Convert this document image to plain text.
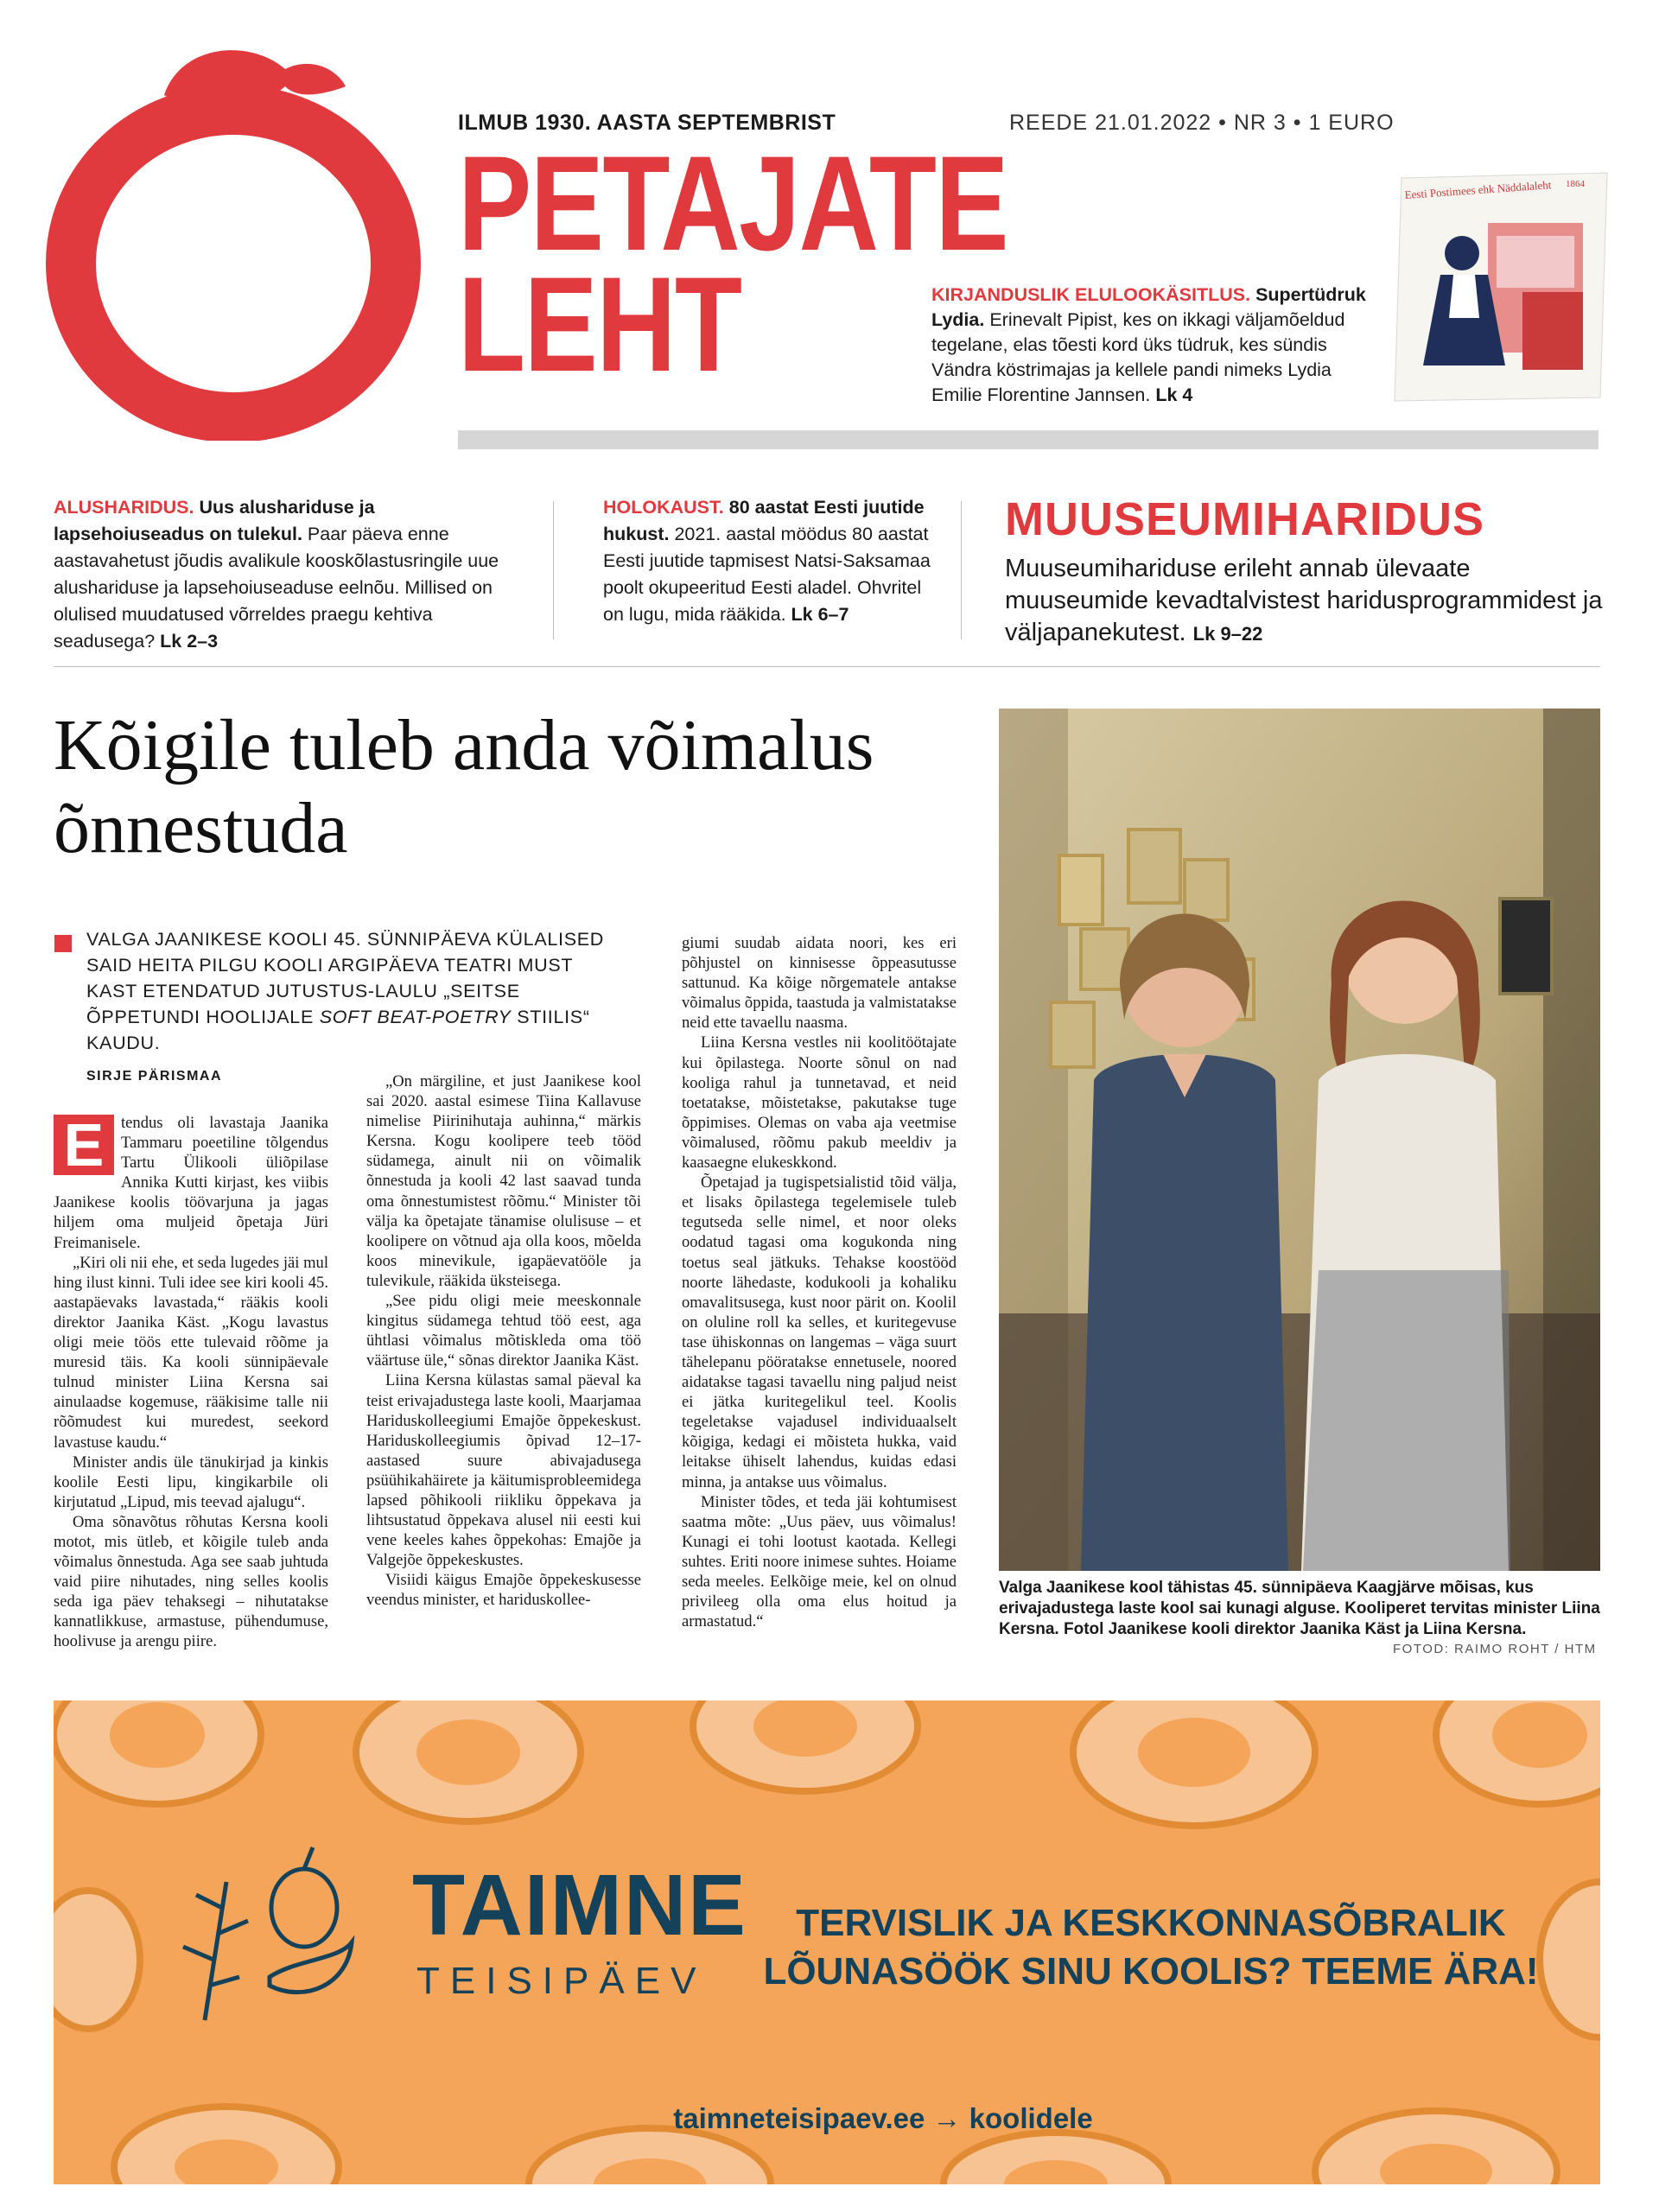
Õ
ILMUB 1930. AASTA SEPTEMBRIST	REEDE 21.01.2022 • NR 3 • 1 EURO
PETAJATE
LEHT	KIRJANDUSLIK ELULOOKÄSITLUS. Supertüdruk Lydia. Erinevalt Pipist, kes on ikkagi väljamõeldud tegelane, elas tõesti kord üks tüdruk, kes sündis Vändra köstrimajas ja kellele pandi nimeks Lydia Emilie Florentine Jannsen. Lk 4
Eesti Postimees ehk Näddalaleht 1864
ALUSHARIDUS. Uus alushariduse ja lapsehoiuseadus on tulekul. Paar päeva enne aastavahetust jõudis avalikule kooskõlastusringile uue alushariduse ja lapsehoiuseaduse eelnõu. Millised on olulised muudatused võrreldes praegu kehtiva seadusega? Lk 2–3
HOLOKAUST. 80 aastat Eesti juutide hukust. 2021. aastal möödus 80 aastat Eesti juutide tapmisest Natsi-Saksamaa poolt okupeeritud Eesti aladel. Ohvritel on lugu, mida rääkida. Lk 6–7
MUUSEUMIHARIDUS
Muuseumihariduse erileht annab ülevaate muuseumide kevadtalvistest haridusprogrammidest ja väljapanekutest. Lk 9–22
Kõigile tuleb anda võimalus õnnestuda
VALGA JAANIKESE KOOLI 45. SÜNNIPÄEVA KÜLALISED SAID HEITA PILGU KOOLI ARGIPÄEVA TEATRI MUST KAST ETENDATUD JUTUSTUS-LAULU „SEITSE ÕPPETUNDI HOOLIJALE SOFT BEAT-POETRY STIILIS“ KAUDU.
SIRJE PÄRISMAA

E	tendus oli lavastaja Jaanika Tammaru poeetiline tõlgendus Tartu Ülikooli üliõpilase Annika Kutti kirjast, kes viibis Jaanikese koolis töövarjuna ja jagas hiljem oma muljeid õpetaja Jüri Freimanisele.

„Kiri oli nii ehe, et seda lugedes jäi mul hing ilust kinni. Tuli idee see kiri kooli 45. aastapäevaks lavastada,“ rääkis kooli direktor Jaanika Käst. „Kogu lavastus oligi meie töös ette tulevaid rõõme ja muresid täis. Ka kooli sünnipäevale tulnud minister Liina Kersna sai ainulaadse kogemuse, rääkisime talle nii rõõmudest kui muredest, seekord lavastuse kaudu.“

Minister andis üle tänukirjad ja kinkis koolile Eesti lipu, kingikarbile oli kirjutatud „Lipud, mis teevad ajalugu“.

Oma sõnavõtus rõhutas Kersna kooli motot, mis ütleb, et kõigile tuleb anda võimalus õnnestuda. Aga see saab juhtuda vaid piire nihutades, ning selles koolis seda iga päev tehaksegi – nihutatakse kannatlikkuse, armastuse, pühendumuse, hoolivuse ja arengu piire.

„On märgiline, et just Jaanikese kool sai 2020. aastal esimese Tiina Kallavuse nimelise Piirinihutaja auhinna,“ märkis Kersna. Kogu koolipere teeb tööd südamega, ainult nii on võimalik õnnestuda ja kooli 42 last saavad tunda oma õnnestumistest rõõmu.“ Minister tõi välja ka õpetajate tänamise olulisuse – et koolipere on võtnud aja olla koos, mõelda koos minevikule, igapäevatööle ja tulevikule, rääkida üksteisega.

„See pidu oligi meie meeskonnale kingitus südamega tehtud töö eest, aga ühtlasi võimalus mõtiskleda oma töö väärtuse üle,“ sõnas direktor Jaanika Käst.

Liina Kersna külastas samal päeval ka teist erivajadustega laste kooli, Maarjamaa Hariduskolleegiumi Emajõe õppekeskust. Hariduskolleegiumis õpivad 12–17-aastased suure abivajadusega psüühikahäirete ja käitumisprobleemidega lapsed põhikooli riikliku õppekava ja lihtsustatud õppekava alusel nii eesti kui vene keeles kahes õppekohas: Emajõe ja Valgejõe õppekeskustes.

Visiidi käigus Emajõe õppekeskusesse veendus minister, et hariduskollee-

giumi suudab aidata noori, kes eri põhjustel on kinnisesse õppeasutusse sattunud. Ka kõige nõrgematele antakse võimalus õppida, taastuda ja valmistatakse neid ette tavaellu naasma.

Liina Kersna vestles nii koolitöötajate kui õpilastega. Noorte sõnul on nad kooliga rahul ja tunnetavad, et neid toetatakse, mõistetakse, pakutakse tuge õppimises. Olemas on vaba aja veetmise võimalused, rõõmu pakub meeldiv ja kaasaegne elukeskkond.

Õpetajad ja tugispetsialistid tõid välja, et lisaks õpilastega tegelemisele tuleb tegutseda selle nimel, et noor oleks oodatud tagasi oma kogukonda ning toetus seal jätkuks. Tehakse koostööd noorte lähedaste, kodukooli ja kohaliku omavalitsusega, kust noor pärit on. Koolil on oluline roll ka selles, et kuritegevuse tase ühiskonnas on langemas – väga suurt tähelepanu pööratakse ennetusele, noored aidatakse tagasi tavaellu ning paljud neist ei jätka kuritegelikul teel. Koolis tegeletakse vajadusel individuaalselt kõigiga, kedagi ei mõisteta hukka, vaid leitakse ühiselt lahendus, kuidas edasi minna, ja antakse uus võimalus.

Minister tõdes, et teda jäi kohtumisest saatma mõte: „Uus päev, uus võimalus! Kunagi ei tohi lootust kaotada. Kellegi suhtes. Eriti noore inimese suhtes. Hoiame seda meeles. Eelkõige meie, kel on olnud privileeg olla oma elus hoitud ja armastatud.“

Valga Jaanikese kool tähistas 45. sünnipäeva Kaagjärve mõisas, kus erivajadustega laste kool sai kunagi alguse. Kooliperet tervitas minister Liina Kersna. Fotol Jaanikese kooli direktor Jaanika Käst ja Liina Kersna.
FOTOD: RAIMO ROHT / HTM
TAIMNE
TEISIPÄEV
TERVISLIK JA KESKKONNASÕBRALIK
LÕUNASÖÖK SINU KOOLIS? TEEME ÄRA!
taimneteisipaev.ee → koolidele
